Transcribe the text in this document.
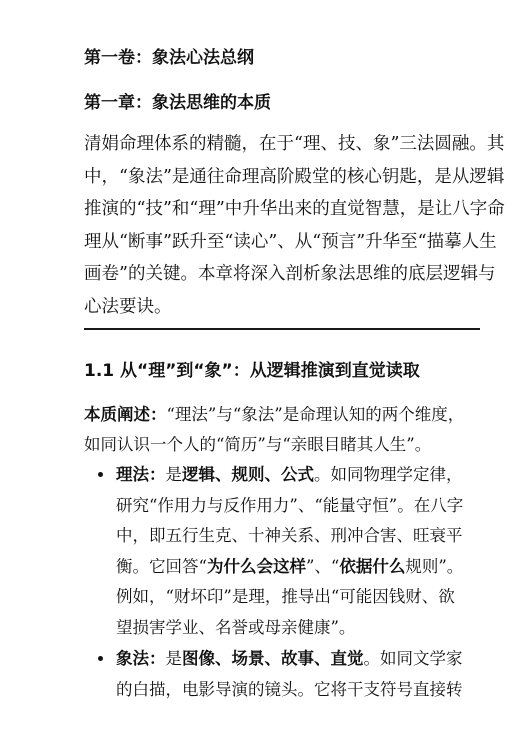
第一卷：象法心法总纲
第一章：象法思维的本质

清娟命理体系的精髓，在于“理、技、象”三法圆融。其
中，“象法”是通往命理高阶殿堂的核心钥匙，是从逻辑
推演的“技”和“理”中升华出来的直觉智慧，是让八字命
理从“断事”跃升至“读心”、从“预言”升华至“描摹人生
画卷”的关键。本章将深入剖析象法思维的底层逻辑与
心法要诀。

1.1 从“理”到“象”：从逻辑推演到直觉读取

本质阐述：“理法”与“象法”是命理认知的两个维度，
如同认识一个人的“简历”与“亲眼目睹其人生”。

理法：是逻辑、规则、公式。如同物理学定律，
研究“作用力与反作用力”、“能量守恒”。在八字
中，即五行生克、十神关系、刑冲合害、旺衰平
衡。它回答“为什么会这样”、“依据什么规则”。
例如，“财坏印”是理，推导出“可能因钱财、欲
望损害学业、名誉或母亲健康”。
象法：是图像、场景、故事、直觉。如同文学家
的白描，电影导演的镜头。它将干支符号直接转
